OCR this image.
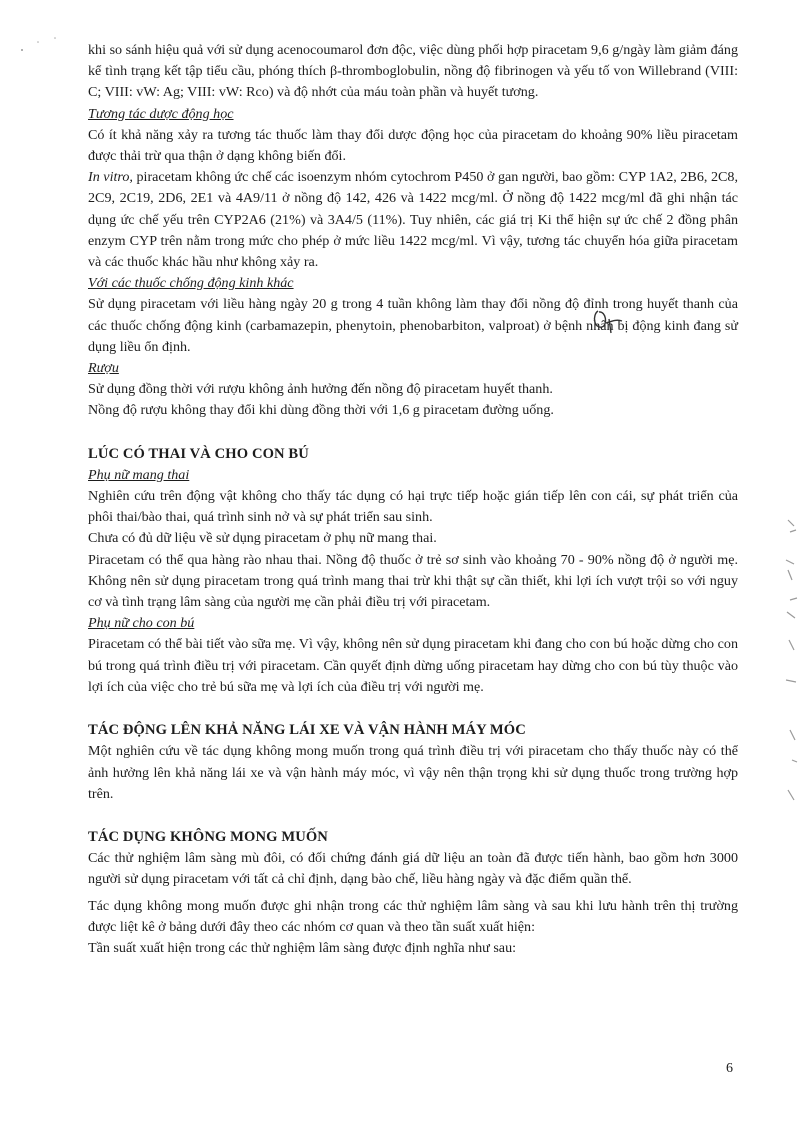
khi so sánh hiệu quả với sử dụng acenocoumarol đơn độc, việc dùng phối hợp piracetam 9,6 g/ngày làm giảm đáng kể tình trạng kết tập tiểu cầu, phóng thích β-thromboglobulin, nồng độ fibrinogen và yếu tố von Willebrand (VIII: C; VIII: vW: Ag; VIII: vW: Rco) và độ nhớt của máu toàn phần và huyết tương.

Tương tác dược động học

Có ít khả năng xảy ra tương tác thuốc làm thay đổi dược động học của piracetam do khoảng 90% liều piracetam được thải trừ qua thận ở dạng không biến đổi.

In vitro, piracetam không ức chế các isoenzym nhóm cytochrom P450 ở gan người, bao gồm: CYP 1A2, 2B6, 2C8, 2C9, 2C19, 2D6, 2E1 và 4A9/11 ở nồng độ 142, 426 và 1422 mcg/ml. Ở nồng độ 1422 mcg/ml đã ghi nhận tác dụng ức chế yếu trên CYP2A6 (21%) và 3A4/5 (11%). Tuy nhiên, các giá trị Ki thể hiện sự ức chế 2 đồng phân enzym CYP trên nằm trong mức cho phép ở mức liều 1422 mcg/ml. Vì vậy, tương tác chuyển hóa giữa piracetam và các thuốc khác hầu như không xảy ra.

Với các thuốc chống động kinh khác

Sử dụng piracetam với liều hàng ngày 20 g trong 4 tuần không làm thay đổi nồng độ đỉnh trong huyết thanh của các thuốc chống động kinh (carbamazepin, phenytoin, phenobarbiton, valproat) ở bệnh nhân bị động kinh đang sử dụng liều ổn định.

Rượu

Sử dụng đồng thời với rượu không ảnh hưởng đến nồng độ piracetam huyết thanh.

Nồng độ rượu không thay đổi khi dùng đồng thời với 1,6 g piracetam đường uống.

LÚC CÓ THAI VÀ CHO CON BÚ

Phụ nữ mang thai

Nghiên cứu trên động vật không cho thấy tác dụng có hại trực tiếp hoặc gián tiếp lên con cái, sự phát triển của phôi thai/bào thai, quá trình sinh nở và sự phát triển sau sinh.

Chưa có đủ dữ liệu về sử dụng piracetam ở phụ nữ mang thai.

Piracetam có thể qua hàng rào nhau thai. Nồng độ thuốc ở trẻ sơ sinh vào khoảng 70 - 90% nồng độ ở người mẹ. Không nên sử dụng piracetam trong quá trình mang thai trừ khi thật sự cần thiết, khi lợi ích vượt trội so với nguy cơ và tình trạng lâm sàng của người mẹ cần phải điều trị với piracetam.

Phụ nữ cho con bú

Piracetam có thể bài tiết vào sữa mẹ. Vì vậy, không nên sử dụng piracetam khi đang cho con bú hoặc dừng cho con bú trong quá trình điều trị với piracetam. Cần quyết định dừng uống piracetam hay dừng cho con bú tùy thuộc vào lợi ích của việc cho trẻ bú sữa mẹ và lợi ích của điều trị với người mẹ.

TÁC ĐỘNG LÊN KHẢ NĂNG LÁI XE VÀ VẬN HÀNH MÁY MÓC

Một nghiên cứu về tác dụng không mong muốn trong quá trình điều trị với piracetam cho thấy thuốc này có thể ảnh hưởng lên khả năng lái xe và vận hành máy móc, vì vậy nên thận trọng khi sử dụng thuốc trong trường hợp trên.

TÁC DỤNG KHÔNG MONG MUỐN

Các thử nghiệm lâm sàng mù đôi, có đối chứng đánh giá dữ liệu an toàn đã được tiến hành, bao gồm hơn 3000 người sử dụng piracetam với tất cả chỉ định, dạng bào chế, liều hàng ngày và đặc điểm quần thể.

Tác dụng không mong muốn được ghi nhận trong các thử nghiệm lâm sàng và sau khi lưu hành trên thị trường được liệt kê ở bảng dưới đây theo các nhóm cơ quan và theo tần suất xuất hiện:

Tần suất xuất hiện trong các thử nghiệm lâm sàng được định nghĩa như sau:

6
